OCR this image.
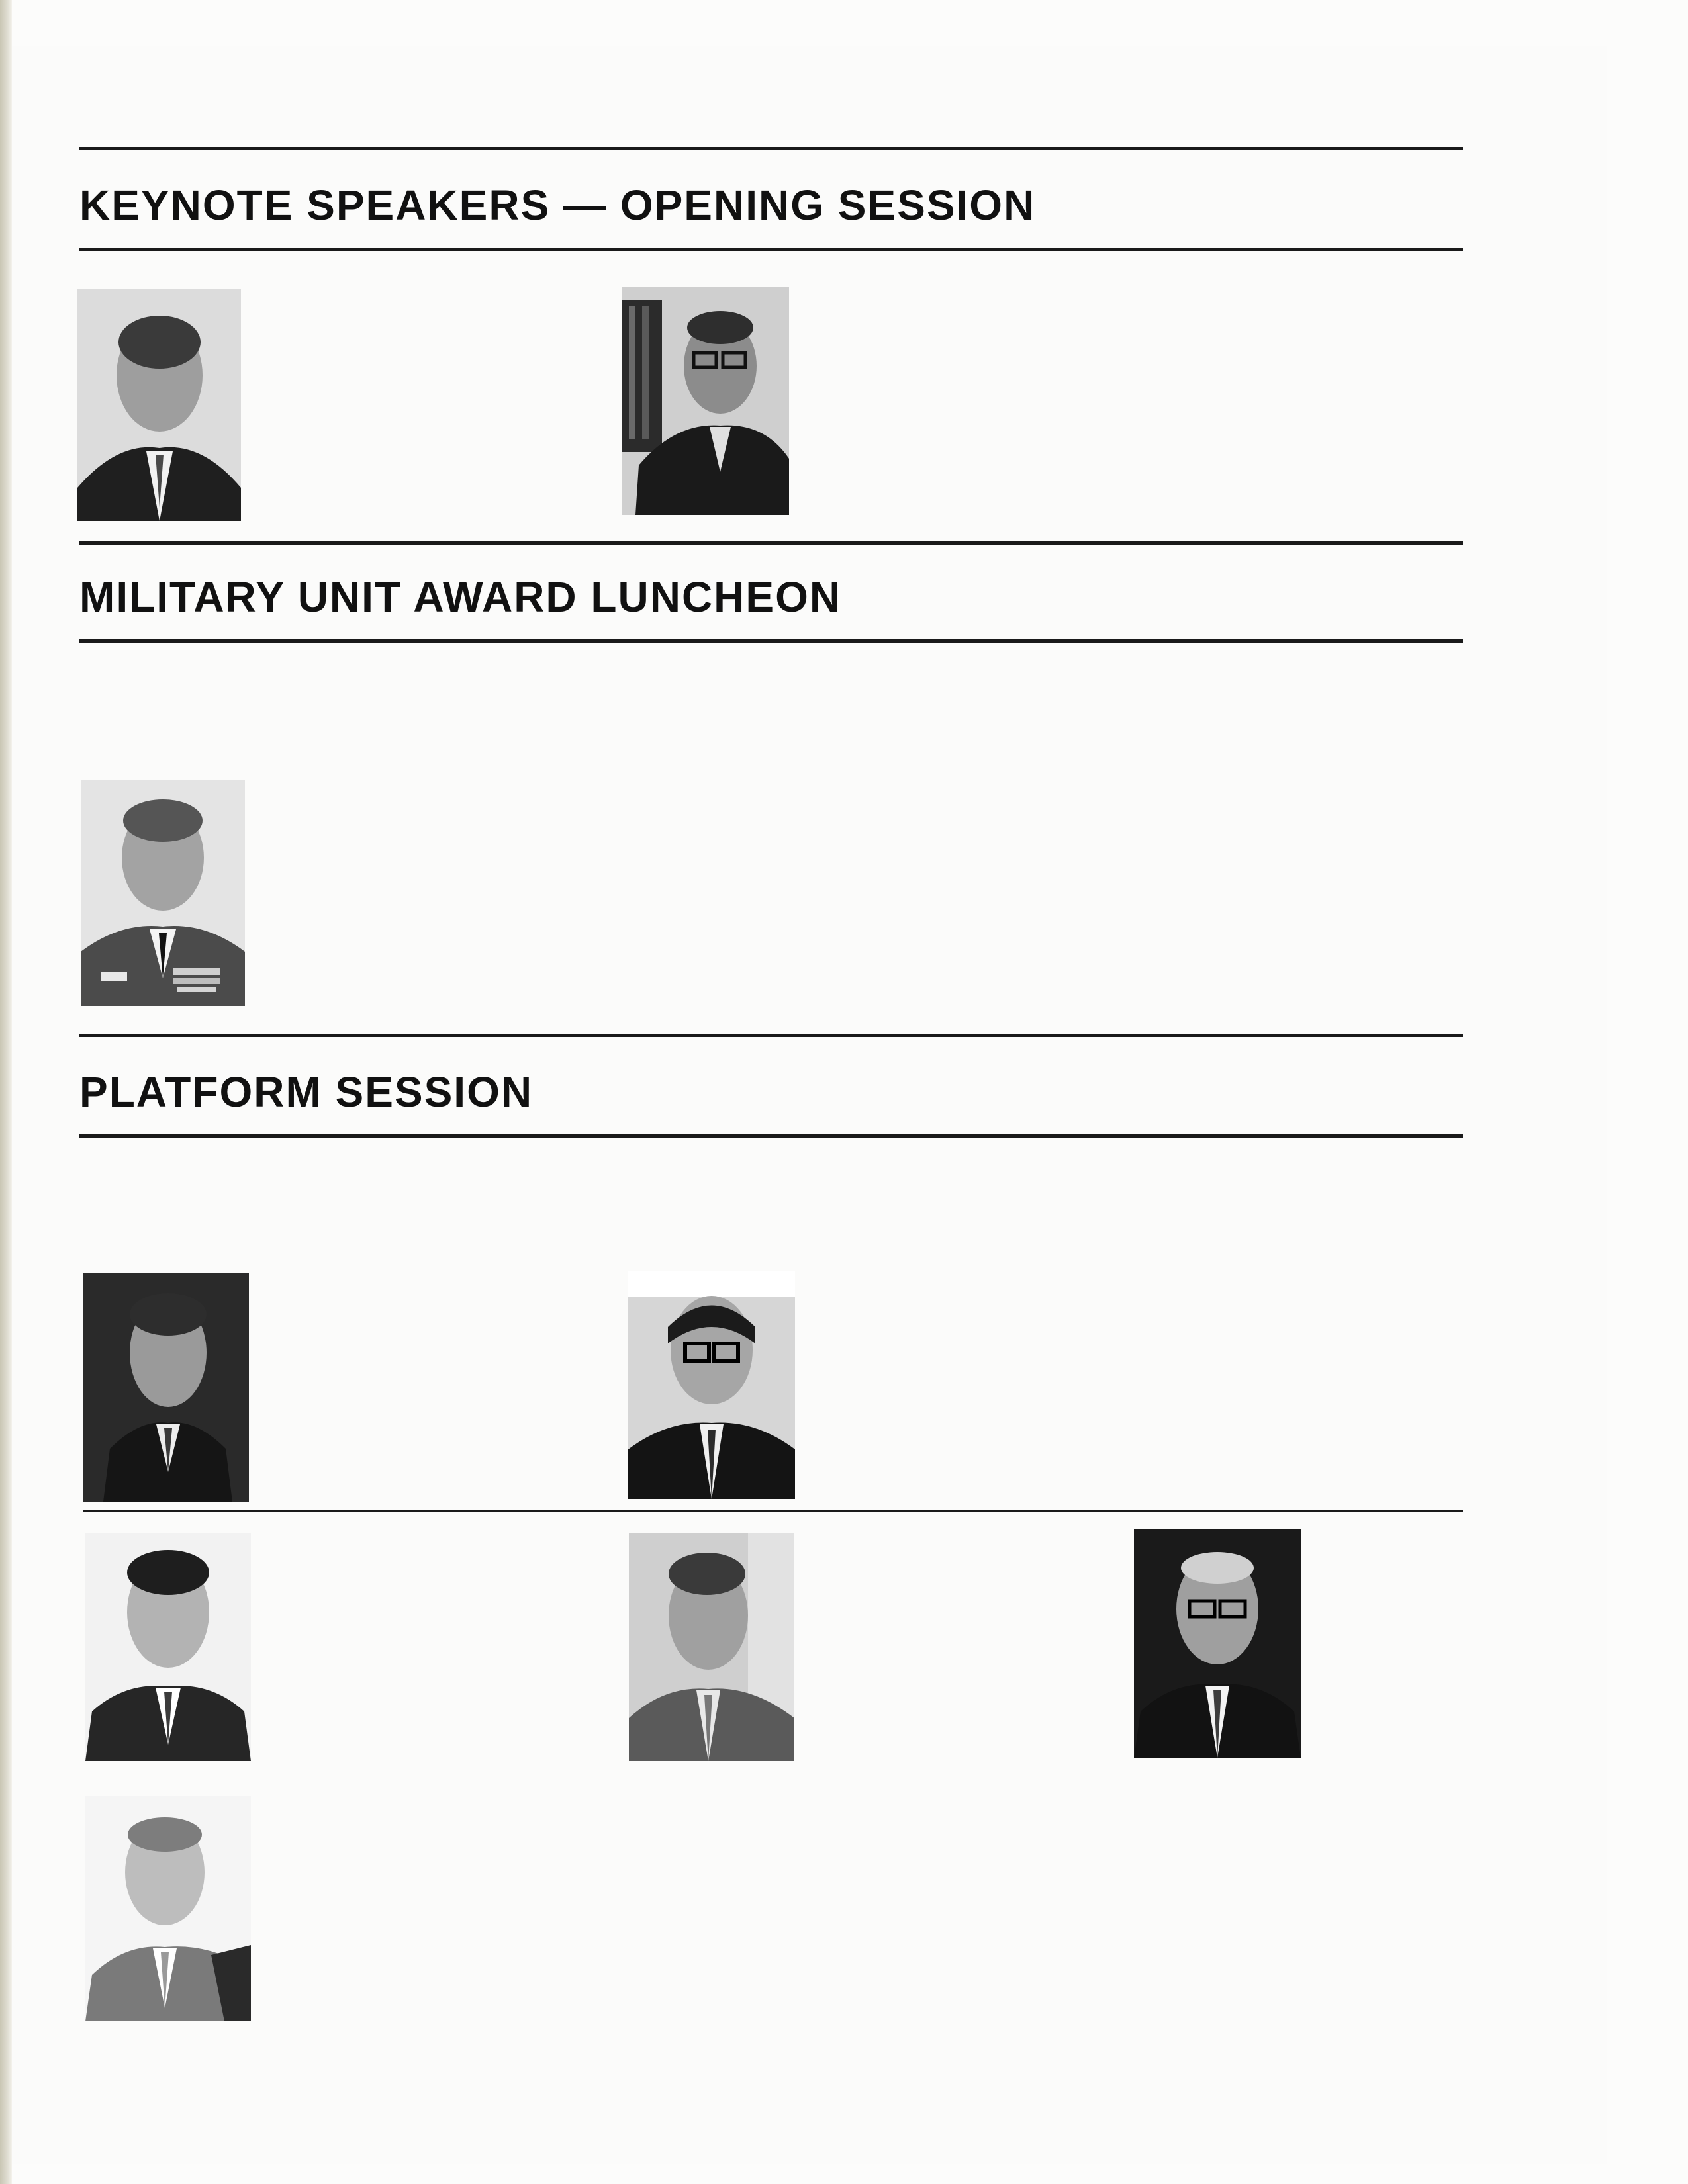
KEYNOTE SPEAKERS — OPENING SESSION
MILITARY UNIT AWARD LUNCHEON
PLATFORM SESSION
